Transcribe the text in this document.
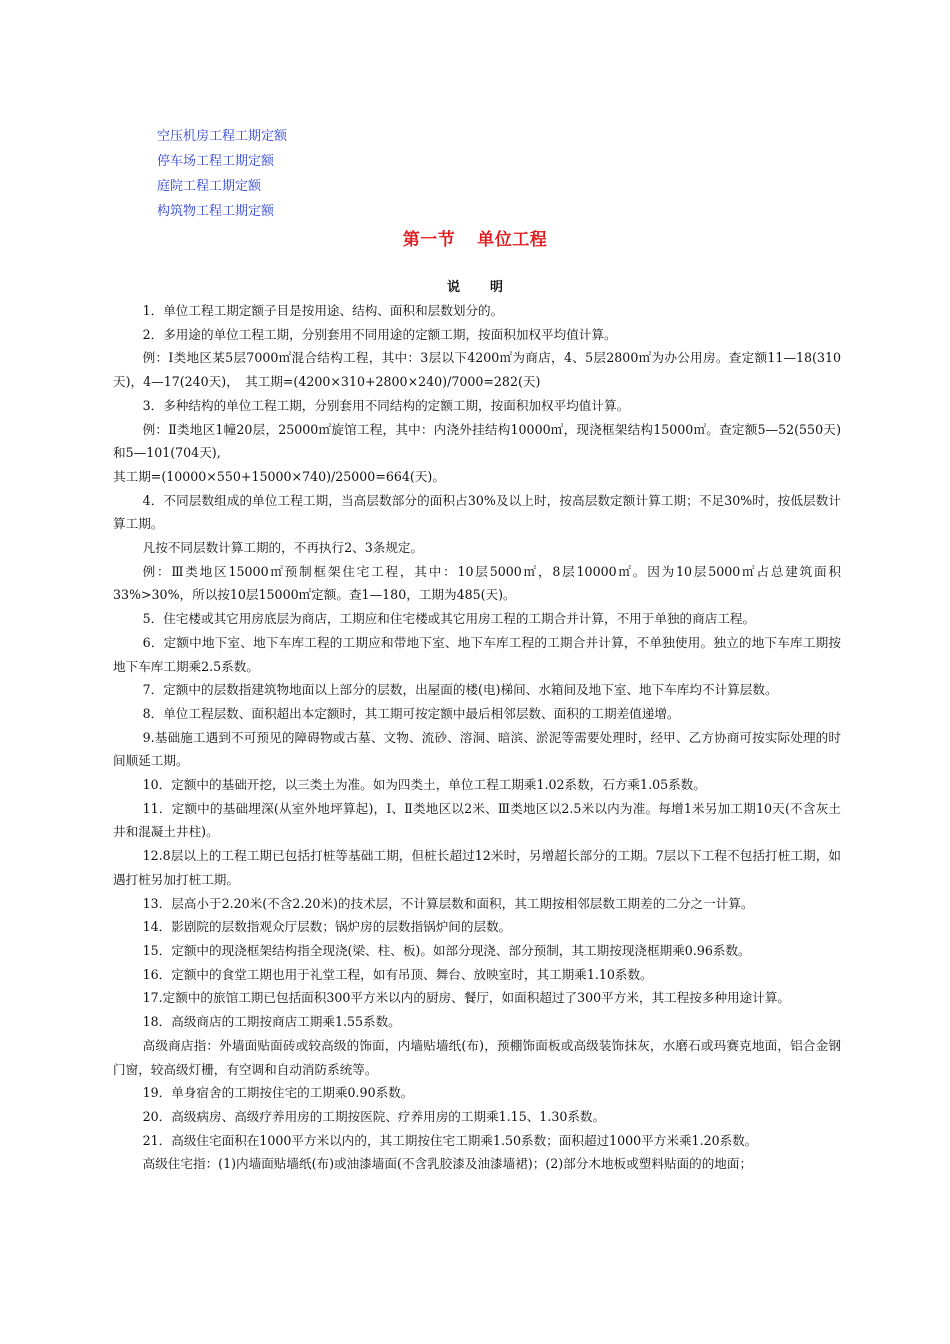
空压机房工程工期定额
停车场工程工期定额
庭院工程工期定额
构筑物工程工期定额
第一节 单位工程
说 明

1．单位工程工期定额子目是按用途、结构、面积和层数划分的。

2．多用途的单位工程工期，分别套用不同用途的定额工期，按面积加权平均值计算。

例：Ⅰ类地区某5层7000㎡混合结构工程，其中：3层以下4200㎡为商店，4、5层2800㎡为办公用房。查定额11—18(310天)，4—17(240天)，　其工期=(4200×310+2800×240)/7000=282(天)

3．多种结构的单位工程工期，分别套用不同结构的定额工期，按面积加权平均值计算。

例：Ⅱ类地区1幢20层，25000㎡旋馆工程，其中：内浇外挂结构10000㎡，现浇框架结构15000㎡。查定额5—52(550天)和5—101(704天),

其工期=(10000×550+15000×740)/25000=664(天)。

4．不同层数组成的单位工程工期，当高层数部分的面积占30%及以上时，按高层数定额计算工期；不足30%时，按低层数计算工期。

凡按不同层数计算工期的，不再执行2、3条规定。

例：Ⅲ类地区15000㎡预制框架住宅工程，其中：10层5000㎡，8层10000㎡。因为10层5000㎡占总建筑面积33%>30%，所以按10层15000㎡定额。查1—180，工期为485(天)。

5．住宅楼或其它用房底层为商店，工期应和住宅楼或其它用房工程的工期合并计算，不用于单独的商店工程。

6．定额中地下室、地下车库工程的工期应和带地下室、地下车库工程的工期合并计算，不单独使用。独立的地下车库工期按地下车库工期乘2.5系数。

7．定额中的层数指建筑物地面以上部分的层数，出屋面的楼(电)梯间、水箱间及地下室、地下车库均不计算层数。

8．单位工程层数、面积超出本定额时，其工期可按定额中最后相邻层数、面积的工期差值递增。

9.基础施工遇到不可预见的障碍物或古墓、文物、流砂、溶洞、暗滨、淤泥等需要处理时，经甲、乙方协商可按实际处理的时间顺延工期。

10．定额中的基础开挖，以三类土为准。如为四类土，单位工程工期乘1.02系数，石方乘1.05系数。

11．定额中的基础埋深(从室外地坪算起)，Ⅰ、Ⅱ类地区以2米、Ⅲ类地区以2.5米以内为准。每增1米另加工期10天(不含灰土井和混凝土井柱)。

12.8层以上的工程工期已包括打桩等基础工期，但桩长超过12米时，另增超长部分的工期。7层以下工程不包括打桩工期，如遇打桩另加打桩工期。

13．层高小于2.20米(不含2.20米)的技术层，不计算层数和面积，其工期按相邻层数工期差的二分之一计算。

14．影剧院的层数指观众厅层数；锅炉房的层数指锅炉间的层数。

15．定额中的现浇框架结构指全现浇(梁、柱、板)。如部分现浇、部分预制，其工期按现浇框期乘0.96系数。

16．定额中的食堂工期也用于礼堂工程，如有吊顶、舞台、放映室时，其工期乘1.10系数。

17.定额中的旅馆工期已包括面积300平方米以内的厨房、餐厅，如面积超过了300平方米，其工程按多种用途计算。

18．高级商店的工期按商店工期乘1.55系数。

高级商店指：外墙面贴面砖或较高级的饰面，内墙贴墙纸(布)，预棚饰面板或高级装饰抹灰，水磨石或玛赛克地面，铝合金钢门窗，较高级灯栅，有空调和自动消防系统等。

19．单身宿舍的工期按住宅的工期乘0.90系数。

20．高级病房、高级疗养用房的工期按医院、疗养用房的工期乘1.15、1.30系数。

21．高级住宅面积在1000平方米以内的，其工期按住宅工期乘1.50系数；面积超过1000平方米乘1.20系数。

高级住宅指：(1)内墙面贴墙纸(布)或油漆墙面(不含乳胶漆及油漆墙裙)；(2)部分木地板或塑料贴面的的地面；
